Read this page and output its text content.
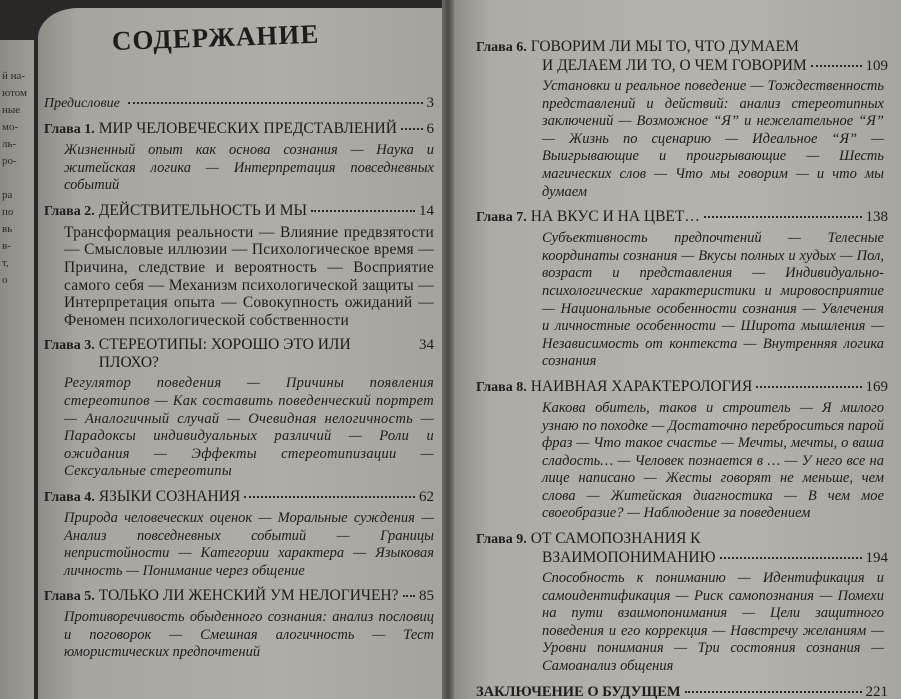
й на-
ютом
ные
мо-
ль-
ро-

ра
по
вь
в-
т,
о
СОДЕРЖАНИЕ
Предисловие	3
Глава 1. МИР ЧЕЛОВЕЧЕСКИХ ПРЕДСТАВЛЕНИЙ 6
Жизненный опыт как основа сознания — Наука и житейская логика — Интерпретация повседневных событий
Глава 2. ДЕЙСТВИТЕЛЬНОСТЬ И МЫ	14
Трансформация реальности — Влияние предвзятости — Смысловые иллюзии — Психологическое время — Причина, следствие и вероятность — Восприятие самого себя — Механизм психологической защиты — Интерпретация опыта — Совокупность ожиданий — Феномен психологической собственности
Глава 3. СТЕРЕОТИПЫ: ХОРОШО ЭТО ИЛИ ПЛОХО?
34
Регулятор поведения — Причины появления стереотипов — Как составить поведенческий портрет — Аналогичный случай — Очевидная нелогичность — Парадоксы индивидуальных различий — Роли и ожидания — Эффекты стереотипизации — Сексуальные стереотипы
Глава 4. ЯЗЫКИ СОЗНАНИЯ	62
Природа человеческих оценок — Моральные суждения — Анализ повседневных событий — Границы непристойности — Категории характера — Языковая личность — Понимание через общение
Глава 5. ТОЛЬКО ЛИ ЖЕНСКИЙ УМ НЕЛОГИЧЕН? 85
Противоречивость обыденного сознания: анализ пословиц и поговорок — Смешная алогичность — Тест юмористических предпочтений
Глава 6. ГОВОРИМ ЛИ МЫ ТО, ЧТО ДУМАЕМ
И ДЕЛАЕМ ЛИ ТО, О ЧЕМ ГОВОРИМ	109
Установки и реальное поведение — Тождественность представлений и действий: анализ стереотипных заключений — Возможное “Я” и нежелательное “Я” — Жизнь по сценарию — Идеальное “Я” — Выигрывающие и проигрывающие — Шесть магических слов — Что мы говорим — и что мы думаем
Глава 7. НА ВКУС И НА ЦВЕТ…	138
Субъективность предпочтений — Телесные координаты сознания — Вкусы полных и худых — Пол, возраст и представления — Индивидуально-психологические характеристики и мировосприятие — Национальные особенности сознания — Увлечения и личностные особенности — Широта мышления — Независимость от контекста — Внутренняя логика сознания
Глава 8. НАИВНАЯ ХАРАКТЕРОЛОГИЯ	169
Какова обитель, таков и строитель — Я милого узнаю по походке — Достаточно переброситься парой фраз — Что такое счастье — Мечты, мечты, о ваша сладость… — Человек познается в … — У него все на лице написано — Жесты говорят не меньше, чем слова — Житейская диагностика — В чем мое своеобразие? — Наблюдение за поведением
Глава 9. ОТ САМОПОЗНАНИЯ К
ВЗАИМОПОНИМАНИЮ	194
Способность к пониманию — Идентификация и самоидентификация — Риск самопознания — Помехи на пути взаимопонимания — Цели защитного поведения и его коррекция — Навстречу желаниям — Уровни понимания — Три состояния сознания — Самоанализ общения
ЗАКЛЮЧЕНИЕ О БУДУЩЕМ	221
